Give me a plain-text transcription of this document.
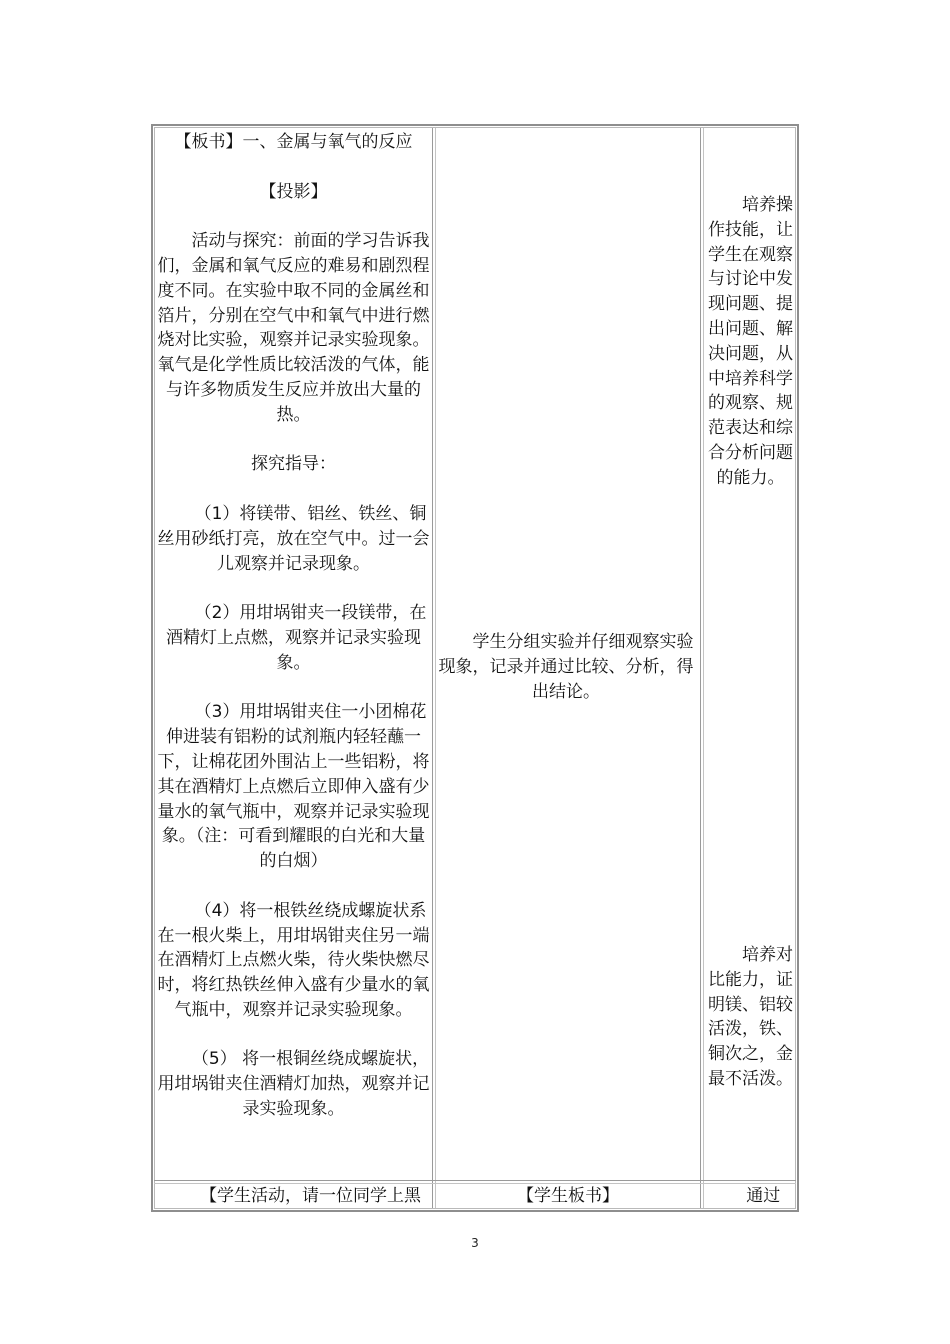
【板书】一、金属与氧气的反应

【投影】

活动与探究：前面的学习告诉我们，金属和氧气反应的难易和剧烈程度不同。在实验中取不同的金属丝和箔片，分别在空气中和氧气中进行燃烧对比实验，观察并记录实验现象。氧气是化学性质比较活泼的气体，能与许多物质发生反应并放出大量的热。

探究指导：

（1）将镁带、铝丝、铁丝、铜丝用砂纸打亮，放在空气中。过一会儿观察并记录现象。

（2）用坩埚钳夹一段镁带，在酒精灯上点燃，观察并记录实验现象。

（3）用坩埚钳夹住一小团棉花伸进装有铝粉的试剂瓶内轻轻蘸一下，让棉花团外围沾上一些铝粉，将其在酒精灯上点燃后立即伸入盛有少量水的氧气瓶中，观察并记录实验现象。（注：可看到耀眼的白光和大量的白烟）

（4）将一根铁丝绕成螺旋状系在一根火柴上，用坩埚钳夹住另一端在酒精灯上点燃火柴，待火柴快燃尽时，将红热铁丝伸入盛有少量水的氧气瓶中，观察并记录实验现象。

（5） 将一根铜丝绕成螺旋状，用坩埚钳夹住酒精灯加热，观察并记录实验现象。

学生分组实验并仔细观察实验现象，记录并通过比较、分析，得出结论。

培养操作技能，让学生在观察与讨论中发现问题、提出问题、解决问题，从中培养科学的观察、规范表达和综合分析问题的能力。

培养对比能力，证明镁、铝较活泼，铁、铜次之，金最不活泼。

【学生活动，请一位同学上黑	【学生板书】	通过
3
